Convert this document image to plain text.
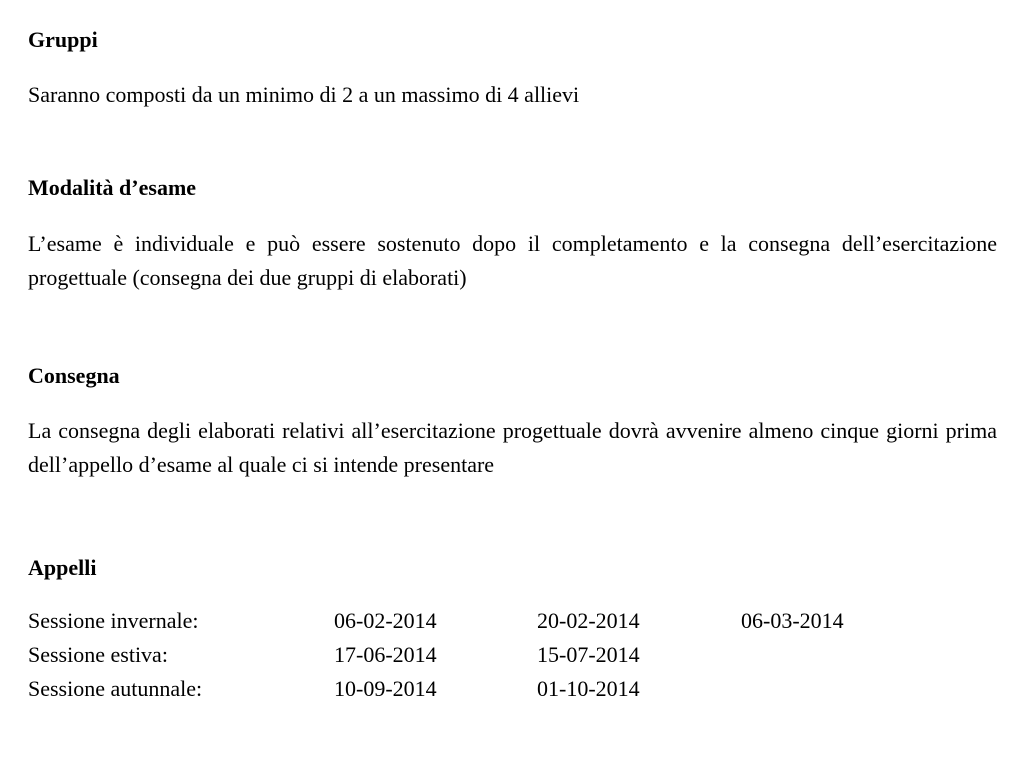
Gruppi

Saranno composti da un minimo di 2 a un massimo di 4 allievi

Modalità d’esame

L’esame è individuale e può essere sostenuto dopo il completamento e la consegna dell’esercitazione progettuale (consegna dei due gruppi di elaborati)

Consegna

La consegna degli elaborati relativi all’esercitazione progettuale dovrà avvenire almeno cinque giorni prima dell’appello d’esame al quale ci si intende presentare

Appelli
Sessione invernale:	06-02-2014	20-02-2014	06-03-2014
Sessione estiva:	17-06-2014	15-07-2014
Sessione autunnale:	10-09-2014	01-10-2014
